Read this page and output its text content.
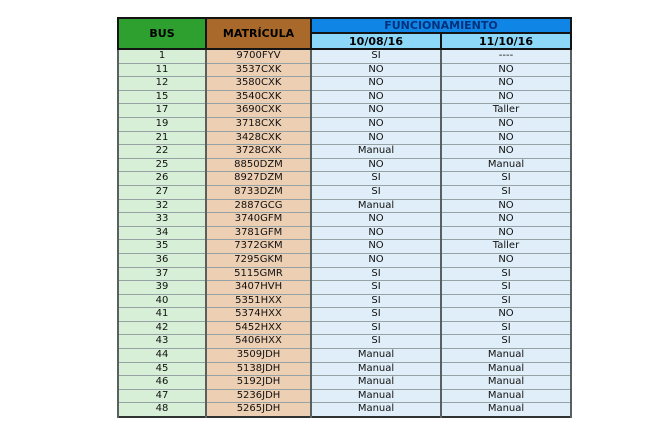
BUS	MATRÍCULA	FUNCIONAMIENTO	
		10/08/16	11/10/16
1	9700FYV	SI	----
11	3537CXK	NO	NO
12	3580CXK	NO	NO
15	3540CXK	NO	NO
17	3690CXK	NO	Taller
19	3718CXK	NO	NO
21	3428CXK	NO	NO
22	3728CXK	Manual	NO
25	8850DZM	NO	Manual
26	8927DZM	SI	SI
27	8733DZM	SI	SI
32	2887GCG	Manual	NO
33	3740GFM	NO	NO
34	3781GFM	NO	NO
35	7372GKM	NO	Taller
36	7295GKM	NO	NO
37	5115GMR	SI	SI
39	3407HVH	SI	SI
40	5351HXX	SI	SI
41	5374HXX	SI	NO
42	5452HXX	SI	SI
43	5406HXX	SI	SI
44	3509JDH	Manual	Manual
45	5138JDH	Manual	Manual
46	5192JDH	Manual	Manual
47	5236JDH	Manual	Manual
48	5265JDH	Manual	Manual
